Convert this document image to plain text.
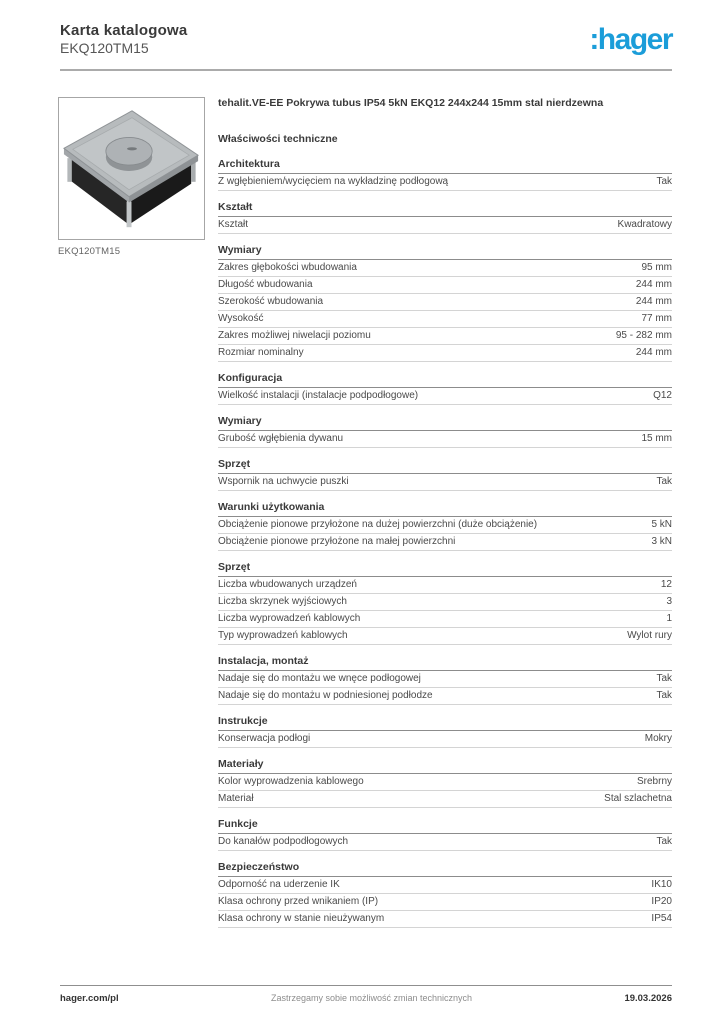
Karta katalogowa
EKQ120TM15	:hager
EKQ120TM15
tehalit.VE-EE Pokrywa tubus IP54 5kN EKQ12 244x244 15mm stal nierdzewna
Właściwości techniczne
Architektura
Z wgłębieniem/wycięciem na wykładzinę podłogową	Tak
Kształt
Kształt	Kwadratowy
Wymiary
Zakres głębokości wbudowania	95 mm
Długość wbudowania	244 mm
Szerokość wbudowania	244 mm
Wysokość	77 mm
Zakres możliwej niwelacji poziomu	95 - 282 mm
Rozmiar nominalny	244 mm
Konfiguracja
Wielkość instalacji (instalacje podpodłogowe)	Q12
Wymiary
Grubość wgłębienia dywanu	15 mm
Sprzęt
Wspornik na uchwycie puszki	Tak
Warunki użytkowania
Obciążenie pionowe przyłożone na dużej powierzchni (duże obciążenie)	5 kN
Obciążenie pionowe przyłożone na małej powierzchni	3 kN
Sprzęt
Liczba wbudowanych urządzeń	12
Liczba skrzynek wyjściowych	3
Liczba wyprowadzeń kablowych	1
Typ wyprowadzeń kablowych	Wylot rury
Instalacja, montaż
Nadaje się do montażu we wnęce podłogowej	Tak
Nadaje się do montażu w podniesionej podłodze	Tak
Instrukcje
Konserwacja podłogi	Mokry
Materiały
Kolor wyprowadzenia kablowego	Srebrny
Materiał	Stal szlachetna
Funkcje
Do kanałów podpodłogowych	Tak
Bezpieczeństwo
Odporność na uderzenie IK	IK10
Klasa ochrony przed wnikaniem (IP)	IP20
Klasa ochrony w stanie nieużywanym	IP54
hager.com/pl	Zastrzegamy sobie możliwość zmian technicznych	19.03.2026
